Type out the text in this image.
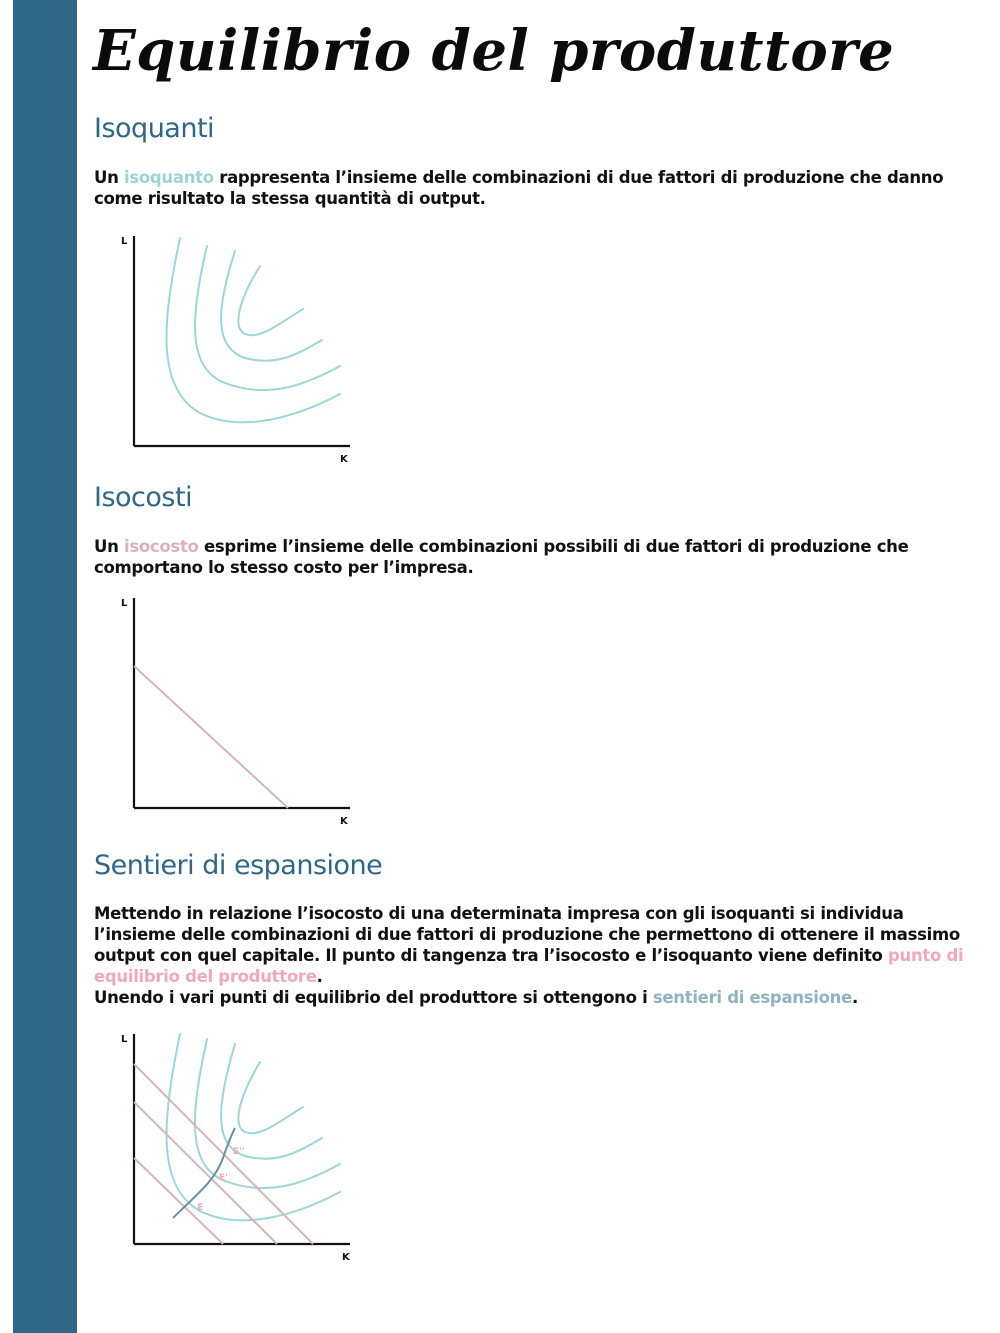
Equilibrio del produttore
Isoquanti

Un isoquanto rappresenta l’insieme delle combinazioni di due fattori di produzione che danno come risultato la stessa quantità di output.

L
K
Isocosti

Un isocosto esprime l’insieme delle combinazioni possibili di due fattori di produzione che comportano lo stesso costo per l’impresa.

L
K
Sentieri di espansione

Mettendo in relazione l’isocosto di una determinata impresa con gli isoquanti si individua l’insieme delle combinazioni di due fattori di produzione che permettono di ottenere il massimo output con quel capitale. Il punto di tangenza tra l’isocosto e l’isoquanto viene definito punto di equilibrio del produttore.
Unendo i vari punti di equilibrio del produttore si ottengono i sentieri di espansione.

L
K
E
E'
E''
